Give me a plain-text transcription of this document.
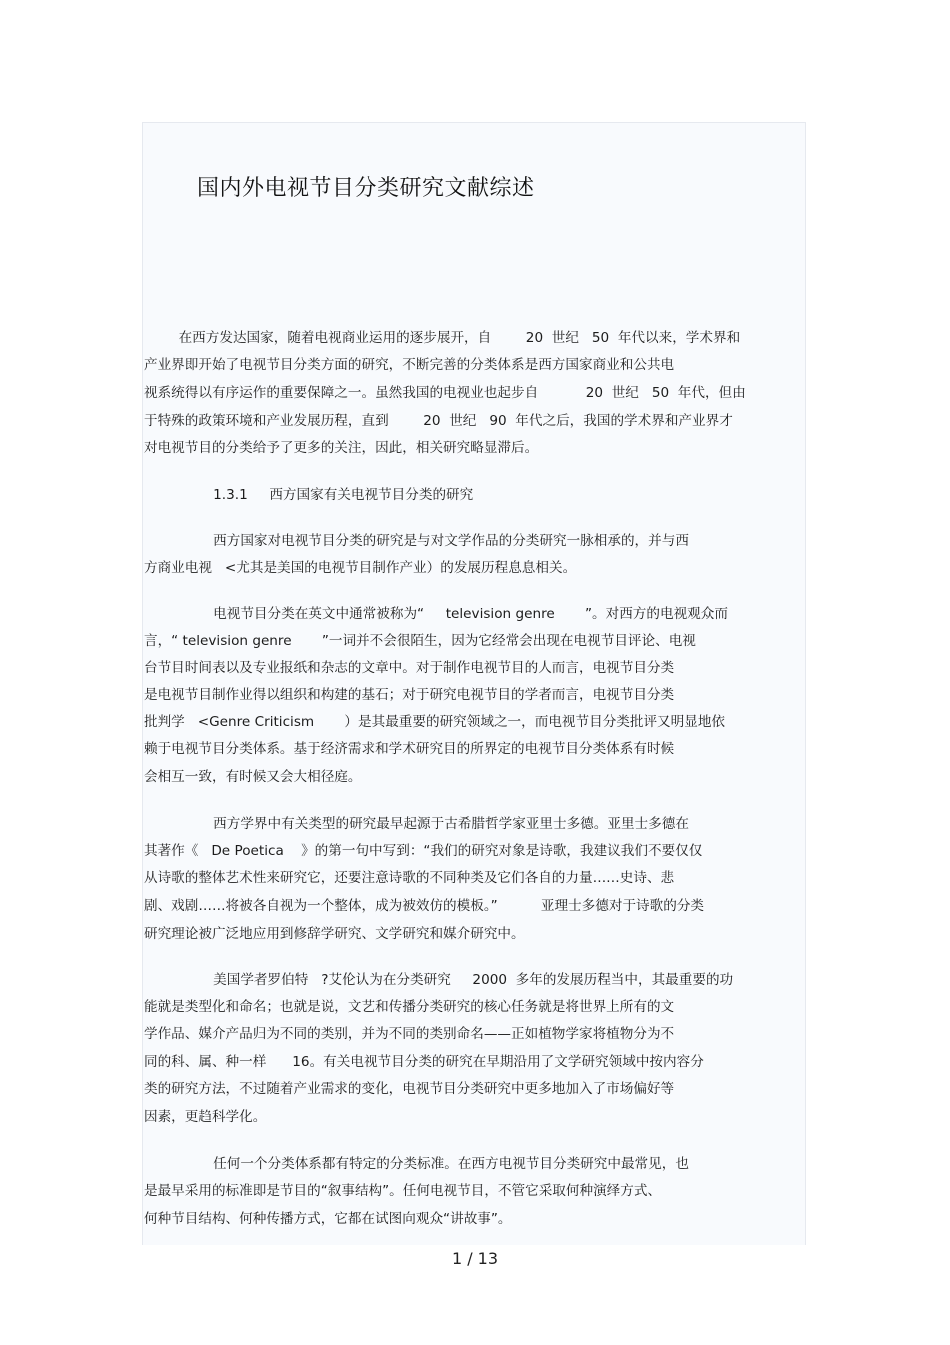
国内外电视节目分类研究文献综述
在西方发达国家，随着电视商业运用的逐步展开，自        20  世纪   50  年代以来，学术界和
产业界即开始了电视节目分类方面的研究，不断完善的分类体系是西方国家商业和公共电
视系统得以有序运作的重要保障之一。虽然我国的电视业也起步自           20  世纪   50  年代，但由
于特殊的政策环境和产业发展历程，直到        20  世纪   90  年代之后，我国的学术界和产业界才
对电视节目的分类给予了更多的关注，因此，相关研究略显滞后。
1.3.1     西方国家有关电视节目分类的研究
西方国家对电视节目分类的研究是与对文学作品的分类研究一脉相承的，并与西
方商业电视   <尤其是美国的电视节目制作产业）的发展历程息息相关。
电视节目分类在英文中通常被称为“     television genre       ”。对西方的电视观众而
言，“ television genre       ”一词并不会很陌生，因为它经常会出现在电视节目评论、电视
台节目时间表以及专业报纸和杂志的文章中。对于制作电视节目的人而言，电视节目分类
是电视节目制作业得以组织和构建的基石；对于研究电视节目的学者而言，电视节目分类
批判学   <Genre Criticism       ）是其最重要的研究领域之一，而电视节目分类批评又明显地依
赖于电视节目分类体系。基于经济需求和学术研究目的所界定的电视节目分类体系有时候
会相互一致，有时候又会大相径庭。
西方学界中有关类型的研究最早起源于古希腊哲学家亚里士多德。亚里士多德在
其著作《   De Poetica    》的第一句中写到：“我们的研究对象是诗歌，我建议我们不要仅仅
从诗歌的整体艺术性来研究它，还要注意诗歌的不同种类及它们各自的力量……史诗、悲
剧、戏剧……将被各自视为一个整体，成为被效仿的模板。”          亚理士多德对于诗歌的分类
研究理论被广泛地应用到修辞学研究、文学研究和媒介研究中。
美国学者罗伯特   ?艾伦认为在分类研究     2000  多年的发展历程当中，其最重要的功
能就是类型化和命名；也就是说，文艺和传播分类研究的核心任务就是将世界上所有的文
学作品、媒介产品归为不同的类别，并为不同的类别命名——正如植物学家将植物分为不
同的科、属、种一样      16。有关电视节目分类的研究在早期沿用了文学研究领域中按内容分
类的研究方法，不过随着产业需求的变化，电视节目分类研究中更多地加入了市场偏好等
因素，更趋科学化。
任何一个分类体系都有特定的分类标准。在西方电视节目分类研究中最常见，也
是最早采用的标准即是节目的“叙事结构”。任何电视节目，不管它采取何种演绎方式、
何种节目结构、何种传播方式，它都在试图向观众“讲故事”。
1 / 13
